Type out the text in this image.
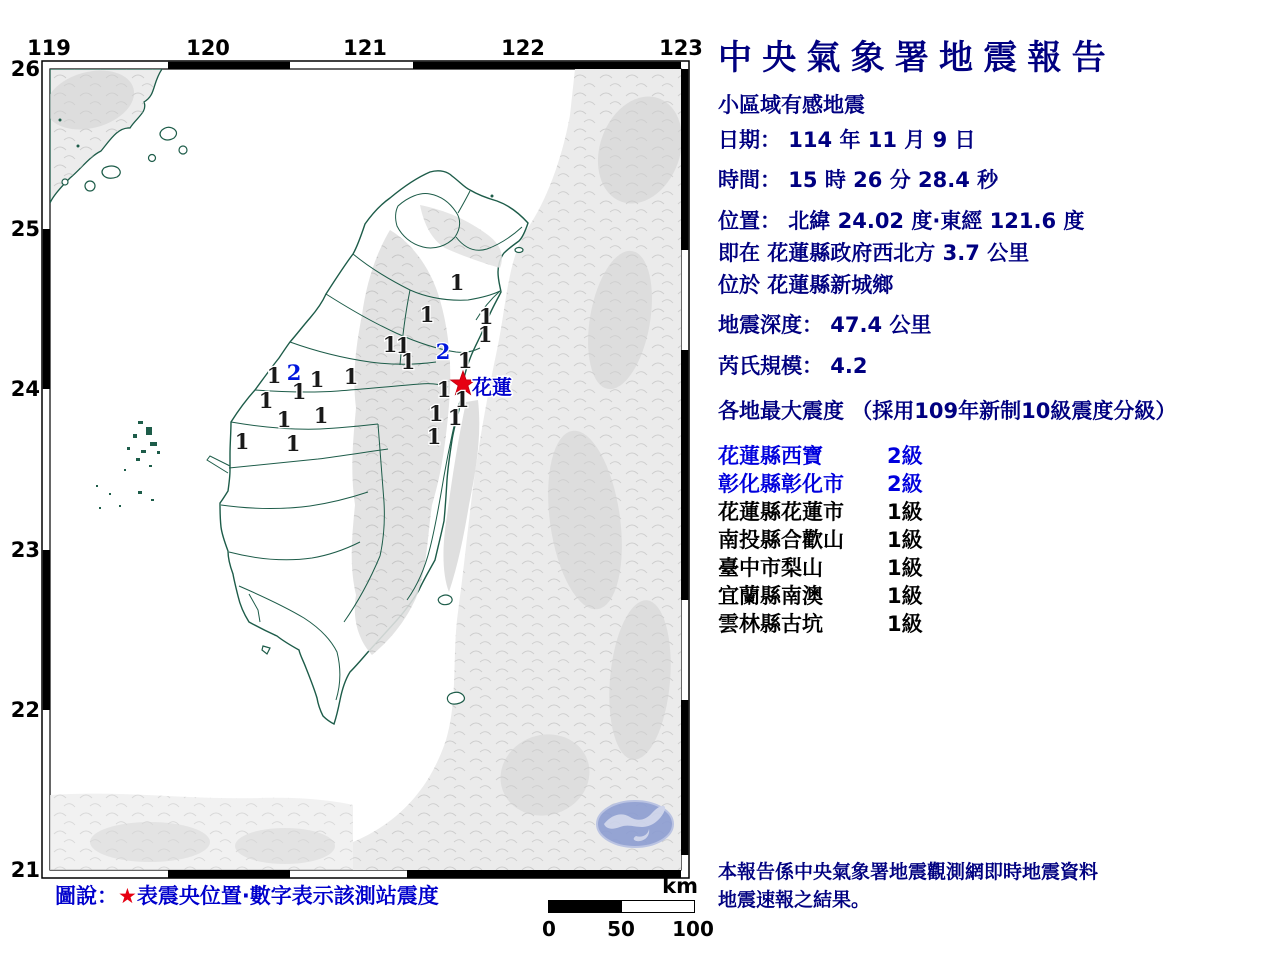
119	120	121	122	123
26
25
24
23
22
21
1
1 1
1
1
1
1 2 1
1 2 1 1
1
1
1 1
1 1
1 1
1 1
1
花蓮
圖說：★表震央位置·數字表示該測站震度	km
0	50 100
中央氣象署地震報告
小區域有感地震
日期： 114 年 11 月 9 日
時間： 15 時 26 分 28.4 秒
位置： 北緯 24.02 度·東經 121.6 度
即在 花蓮縣政府西北方 3.7 公里
位於 花蓮縣新城鄉
地震深度： 47.4 公里
芮氏規模： 4.2
各地最大震度 （採用109年新制10級震度分級）
花蓮縣西寶	2級
彰化縣彰化市 2級
花蓮縣花蓮市 1級
南投縣合歡山 1級
臺中市梨山	1級
宜蘭縣南澳	1級
雲林縣古坑	1級
本報告係中央氣象署地震觀測網即時地震資料
地震速報之結果。
